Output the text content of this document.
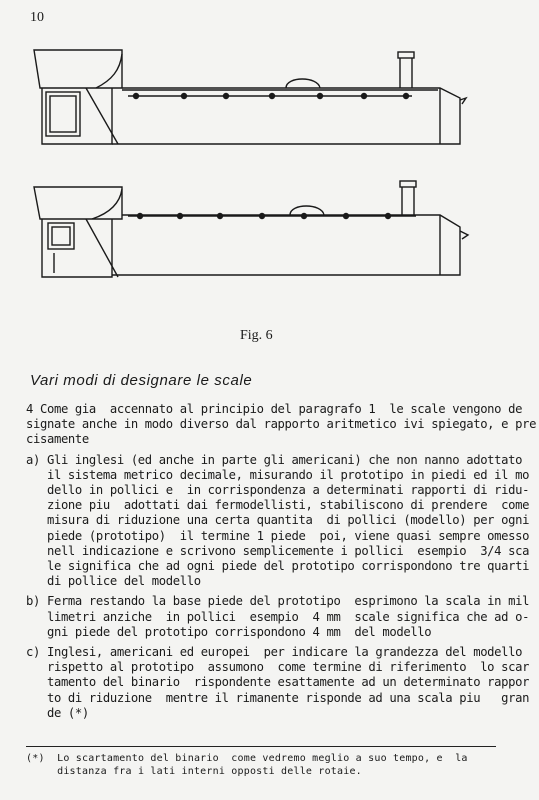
10
Fig. 6
Vari modi di designare le scale
4 Come gia  accennato al principio del paragrafo 1  le scale vengono de
signate anche in modo diverso dal rapporto aritmetico ivi spiegato, e pre
cisamente
a) Gli inglesi (ed anche in parte gli americani) che non nanno adottato
il sistema metrico decimale, misurando il prototipo in piedi ed il mo
dello in pollici e  in corrispondenza a determinati rapporti di ridu-
zione piu  adottati dai fermodellisti, stabiliscono di prendere  come
misura di riduzione una certa quantita  di pollici (modello) per ogni
piede (prototipo)  il termine 1 piede  poi, viene quasi sempre omesso
nell indicazione e scrivono semplicemente i pollici  esempio  3/4 sca
le significa che ad ogni piede del prototipo corrispondono tre quarti
di pollice del modello
b) Ferma restando la base piede del prototipo  esprimono la scala in mil
limetri anziche  in pollici  esempio  4 mm  scale significa che ad o-
gni piede del prototipo corrispondono 4 mm  del modello
c) Inglesi, americani ed europei  per indicare la grandezza del modello
rispetto al prototipo  assumono  come termine di riferimento  lo scar
tamento del binario  rispondente esattamente ad un determinato rappor
to di riduzione  mentre il rimanente risponde ad una scala piu   gran
de (*)
(*)  Lo scartamento del binario  come vedremo meglio a suo tempo, e  la
distanza fra i lati interni opposti delle rotaie.
